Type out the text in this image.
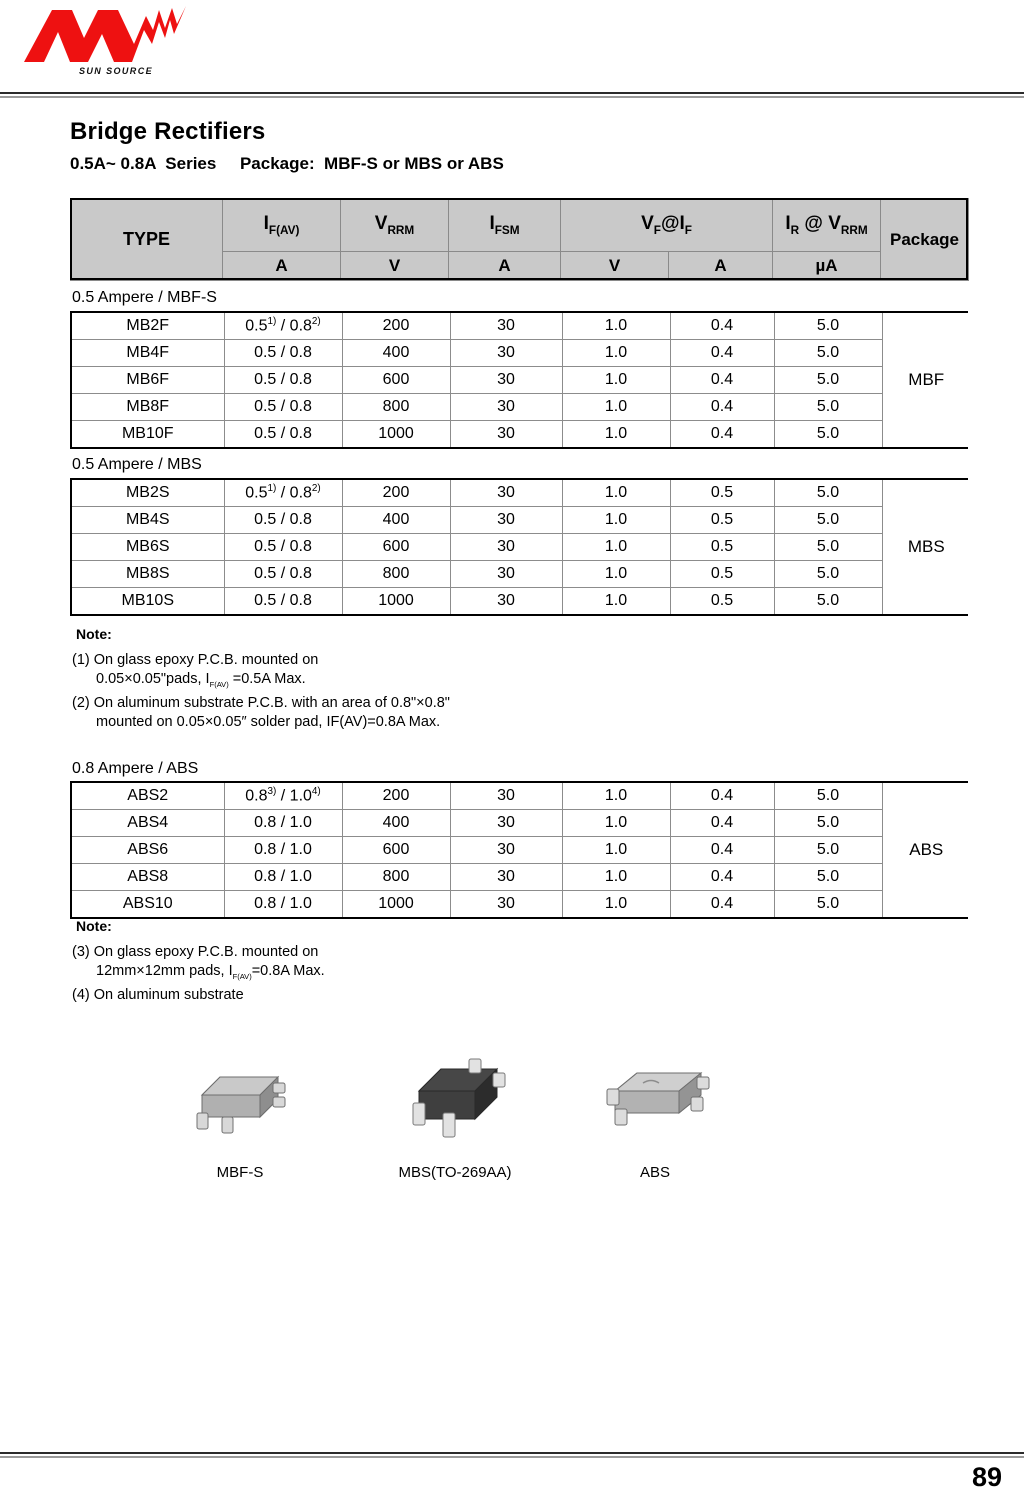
SUN SOURCE
Bridge Rectifiers
0.5A~ 0.8A  Series     Package:  MBF-S or MBS or ABS
TYPE	$I_{F(AV)}$	$V_{RRM}$	$I_{FSM}$	$V_F@I_F$		$I_R$ @ $V_{RRM}$	Package
	A	V	A	V	A	µA	
0.5 Ampere / MBF-S
MB2F	0.5$^{1)}$ / 0.8$^{2)}$	200	30	1.0	0.4	5.0	MBF
MB4F	0.5 / 0.8	400	30	1.0	0.4	5.0	
MB6F	0.5 / 0.8	600	30	1.0	0.4	5.0	
MB8F	0.5 / 0.8	800	30	1.0	0.4	5.0	
MB10F	0.5 / 0.8	1000	30	1.0	0.4	5.0	
0.5 Ampere / MBS
MB2S	0.5$^{1)}$ / 0.8$^{2)}$	200	30	1.0	0.5	5.0	MBS
MB4S	0.5 / 0.8	400	30	1.0	0.5	5.0	
MB6S	0.5 / 0.8	600	30	1.0	0.5	5.0	
MB8S	0.5 / 0.8	800	30	1.0	0.5	5.0	
MB10S	0.5 / 0.8	1000	30	1.0	0.5	5.0	
Note:
(1) On glass epoxy P.C.B. mounted on
0.05×0.05"pads, $I_{F(AV)} =0.5A$ Max.
(2) On aluminum substrate P.C.B. with an area of 0.8"×0.8"
mounted on 0.05×0.05″ solder pad, IF(AV)=0.8A Max.
0.8 Ampere / ABS
ABS2	0.8$^{3)}$ / 1.0$^{4)}$	200	30	1.0	0.4	5.0	ABS
ABS4	0.8 / 1.0	400	30	1.0	0.4	5.0	
ABS6	0.8 / 1.0	600	30	1.0	0.4	5.0	
ABS8	0.8 / 1.0	800	30	1.0	0.4	5.0	
ABS10	0.8 / 1.0	1000	30	1.0	0.4	5.0	
Note:
(3) On glass epoxy P.C.B. mounted on
12mm×12mm pads, $I_{F(AV)}=0.8A$ Max.
(4) On aluminum substrate
MBF-S	MBS(TO-269AA)	ABS
89
